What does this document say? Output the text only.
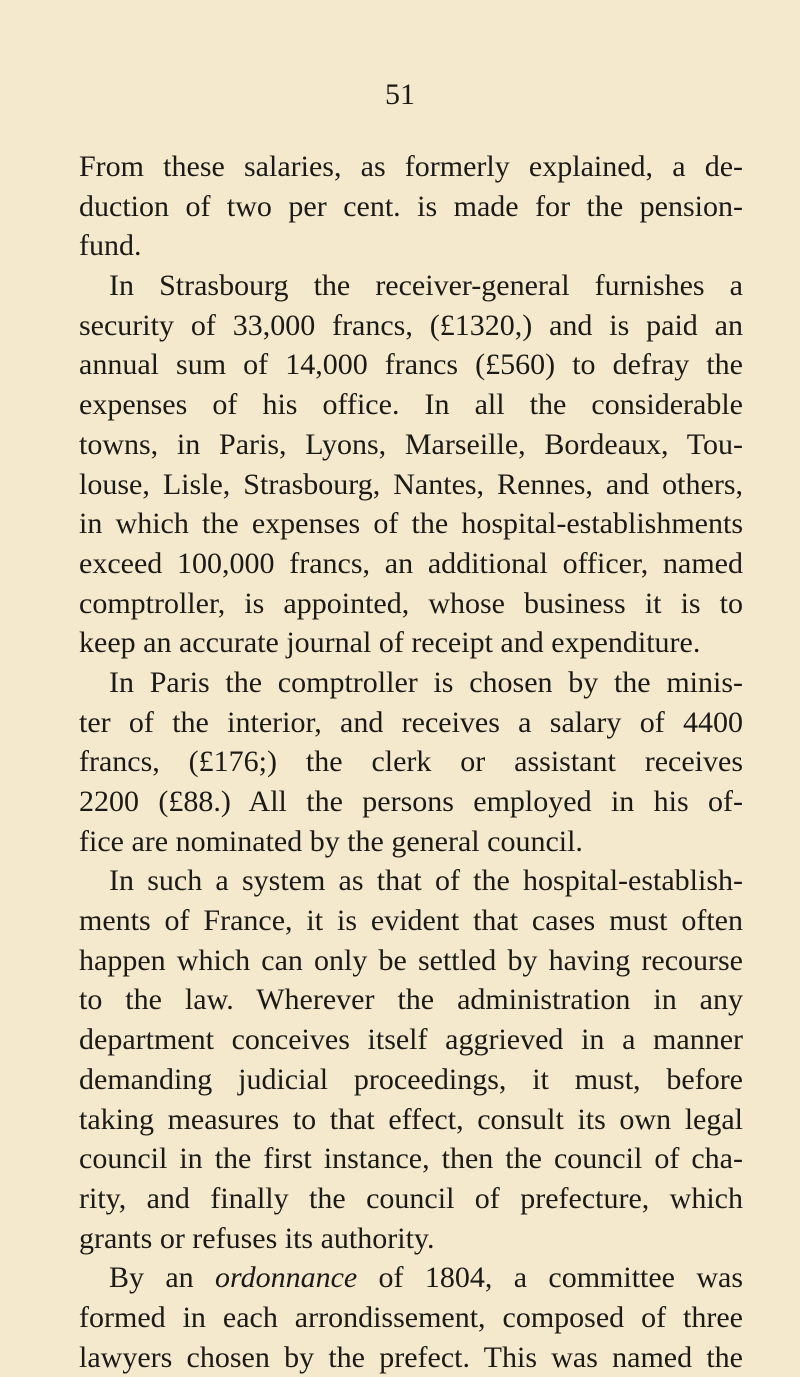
51
From these salaries, as formerly explained, a de-
duction of two per cent. is made for the pension-
fund.
In Strasbourg the receiver-general furnishes a
security of 33,000 francs, (£1320,) and is paid an
annual sum of 14,000 francs (£560) to defray the
expenses of his office. In all the considerable
towns, in Paris, Lyons, Marseille, Bordeaux, Tou-
louse, Lisle, Strasbourg, Nantes, Rennes, and others,
in which the expenses of the hospital-establishments
exceed 100,000 francs, an additional officer, named
comptroller, is appointed, whose business it is to
keep an accurate journal of receipt and expenditure.
In Paris the comptroller is chosen by the minis-
ter of the interior, and receives a salary of 4400
francs, (£176;) the clerk or assistant receives
2200 (£88.) All the persons employed in his of-
fice are nominated by the general council.
In such a system as that of the hospital-establish-
ments of France, it is evident that cases must often
happen which can only be settled by having recourse
to the law. Wherever the administration in any
department conceives itself aggrieved in a manner
demanding judicial proceedings, it must, before
taking measures to that effect, consult its own legal
council in the first instance, then the council of cha-
rity, and finally the council of prefecture, which
grants or refuses its authority.
By an ordonnance of 1804, a committee was
formed in each arrondissement, composed of three
lawyers chosen by the prefect. This was named the
